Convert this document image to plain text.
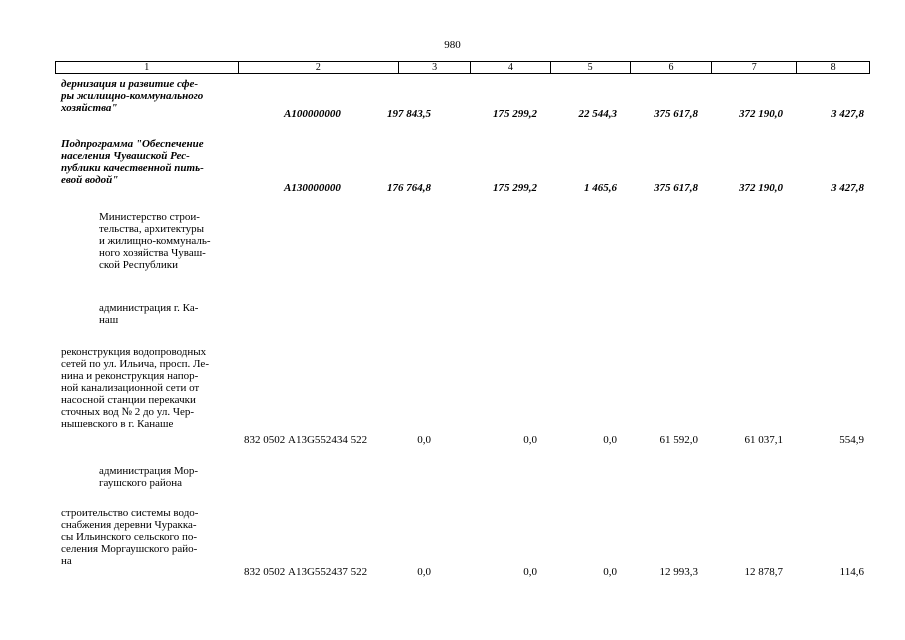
980
1	2	3	4	5	6	7	8
дернизация и развитие сфе-
ры жилищно-коммунального
хозяйства"	А100000000	197 843,5	175 299,2	22 544,3	375 617,8	372 190,0	3 427,8
Подпрограмма "Обеспечение
населения Чувашской Рес-
публики качественной пить-
евой водой"
А130000000	176 764,8	175 299,2	1 465,6	375 617,8	372 190,0	3 427,8
Министерство строи-
тельства, архитектуры
и жилищно-коммуналь-
ного хозяйства Чуваш-
ской Республики
администрация г. Ка-
наш
реконструкция водопроводных
сетей по ул. Ильича, просп. Ле-
нина и реконструкция напор-
ной канализационной сети от
насосной станции перекачки
сточных вод № 2 до ул. Чер-
нышевского в г. Канаше
832 0502 А13G552434 522	0,0	0,0	0,0	61 592,0	61 037,1	554,9
администрация Мор-
гаушского района
строительство системы водо-
снабжения деревни Чуракка-
сы Ильинского сельского по-
селения Моргаушского райо-
на
832 0502 А13G552437 522	0,0	0,0	0,0	12 993,3	12 878,7	114,6
